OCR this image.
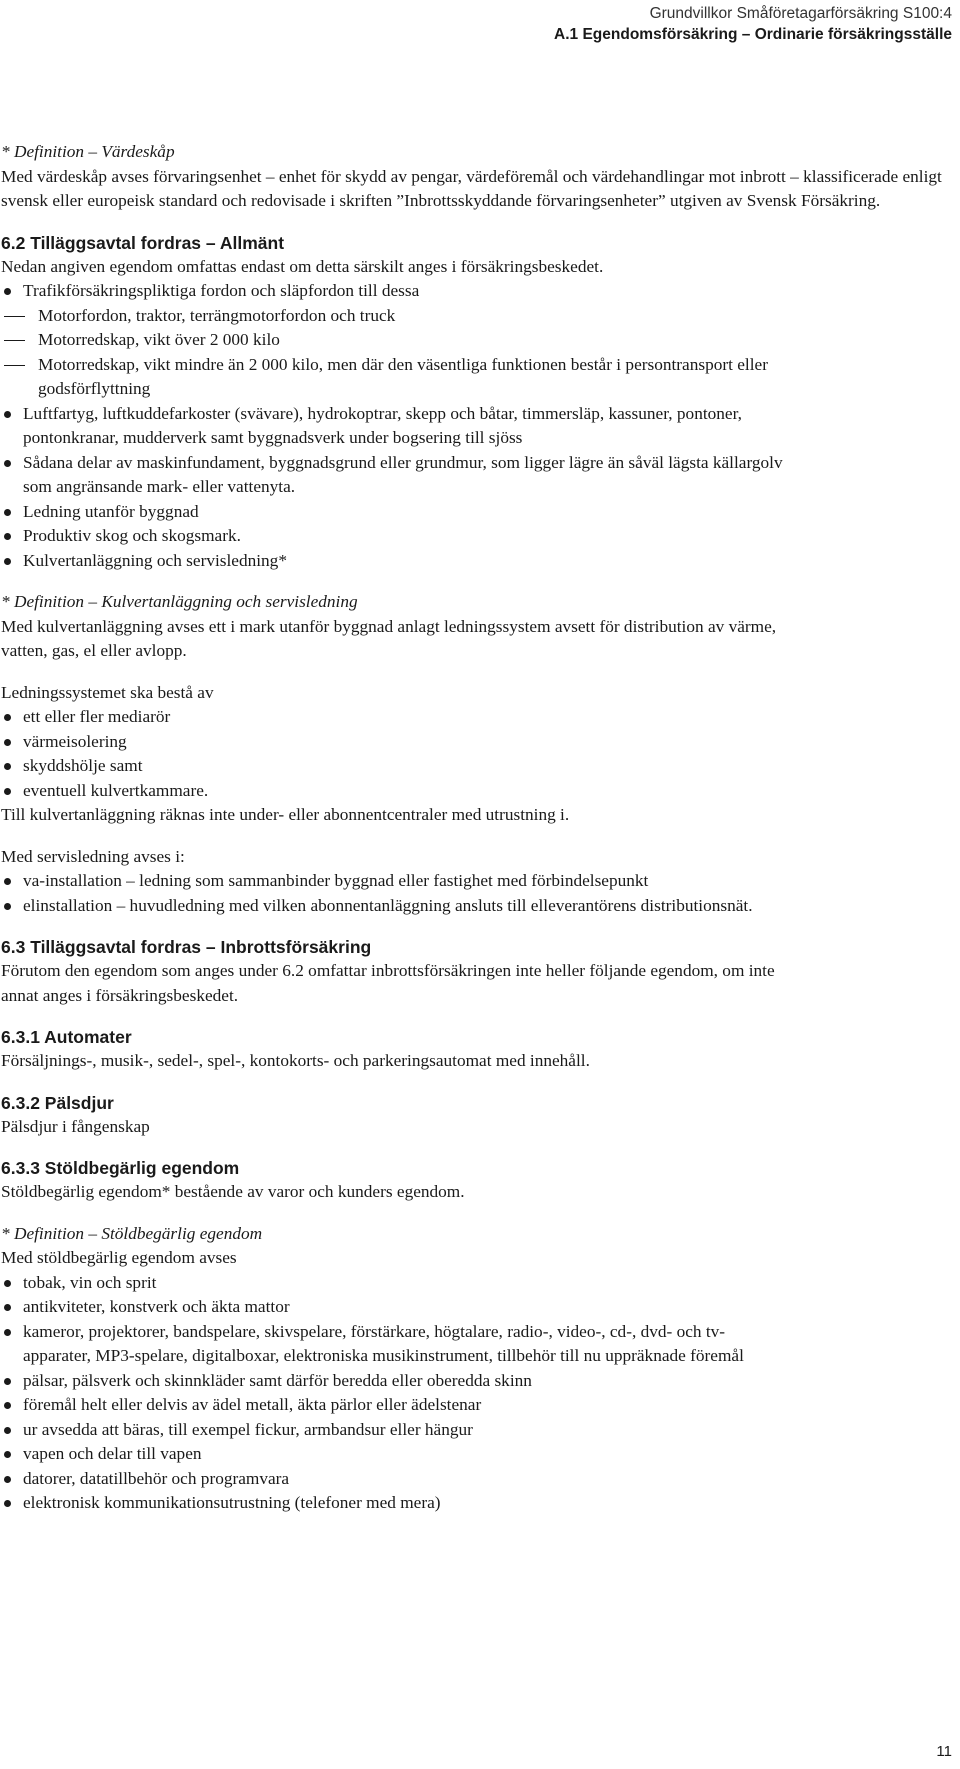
Grundvillkor Småföretagarförsäkring S100:4
A.1 Egendomsförsäkring – Ordinarie försäkringsställe

* Definition – Värdeskåp

Med värdeskåp avses förvaringsenhet – enhet för skydd av pengar, värdeföremål och värdehandlingar mot inbrott – klassificerade enligt svensk eller europeisk standard och redovisade i skriften ”Inbrottsskyddande förvaringsenheter” utgiven av Svensk Försäkring.

6.2 Tilläggsavtal fordras – Allmänt

Nedan angiven egendom omfattas endast om detta särskilt anges i försäkringsbeskedet.

Trafikförsäkringspliktiga fordon och släpfordon till dessa
Motorfordon, traktor, terrängmotorfordon och truck
Motorredskap, vikt över 2 000 kilo
Motorredskap, vikt mindre än 2 000 kilo, men där den väsentliga funktionen består i persontransport eller godsförflyttning
Luftfartyg, luftkuddefarkoster (svävare), hydrokoptrar, skepp och båtar, timmersläp, kassuner, pontoner, pontonkranar, mudderverk samt byggnadsverk under bogsering till sjöss
Sådana delar av maskinfundament, byggnadsgrund eller grundmur, som ligger lägre än såväl lägsta källargolv som angränsande mark- eller vattenyta.
Ledning utanför byggnad
Produktiv skog och skogsmark.
Kulvertanläggning och servisledning*

* Definition – Kulvertanläggning och servisledning

Med kulvertanläggning avses ett i mark utanför byggnad anlagt ledningssystem avsett för distribution av värme, vatten, gas, el eller avlopp.

Ledningssystemet ska bestå av

ett eller fler mediarör
värmeisolering
skyddshölje samt
eventuell kulvertkammare.

Till kulvertanläggning räknas inte under- eller abonnentcentraler med utrustning i.

Med servisledning avses i:

va-installation – ledning som sammanbinder byggnad eller fastighet med förbindelsepunkt
elinstallation – huvudledning med vilken abonnentanläggning ansluts till elleverantörens distributionsnät.
6.3 Tilläggsavtal fordras – Inbrottsförsäkring

Förutom den egendom som anges under 6.2 omfattar inbrottsförsäkringen inte heller följande egendom, om inte annat anges i försäkringsbeskedet.

6.3.1 Automater

Försäljnings-, musik-, sedel-, spel-, kontokorts- och parkeringsautomat med innehåll.

6.3.2 Pälsdjur

Pälsdjur i fångenskap

6.3.3 Stöldbegärlig egendom

Stöldbegärlig egendom* bestående av varor och kunders egendom.

* Definition – Stöldbegärlig egendom

Med stöldbegärlig egendom avses

tobak, vin och sprit
antikviteter, konstverk och äkta mattor
kameror, projektorer, bandspelare, skivspelare, förstärkare, högtalare, radio-, video-, cd-, dvd- och tv-apparater, MP3-spelare, digitalboxar, elektroniska musikinstrument, tillbehör till nu uppräknade föremål
pälsar, pälsverk och skinnkläder samt därför beredda eller oberedda skinn
föremål helt eller delvis av ädel metall, äkta pärlor eller ädelstenar
ur avsedda att bäras, till exempel fickur, armbandsur eller hängur
vapen och delar till vapen
datorer, datatillbehör och programvara
elektronisk kommunikationsutrustning (telefoner med mera)
11
